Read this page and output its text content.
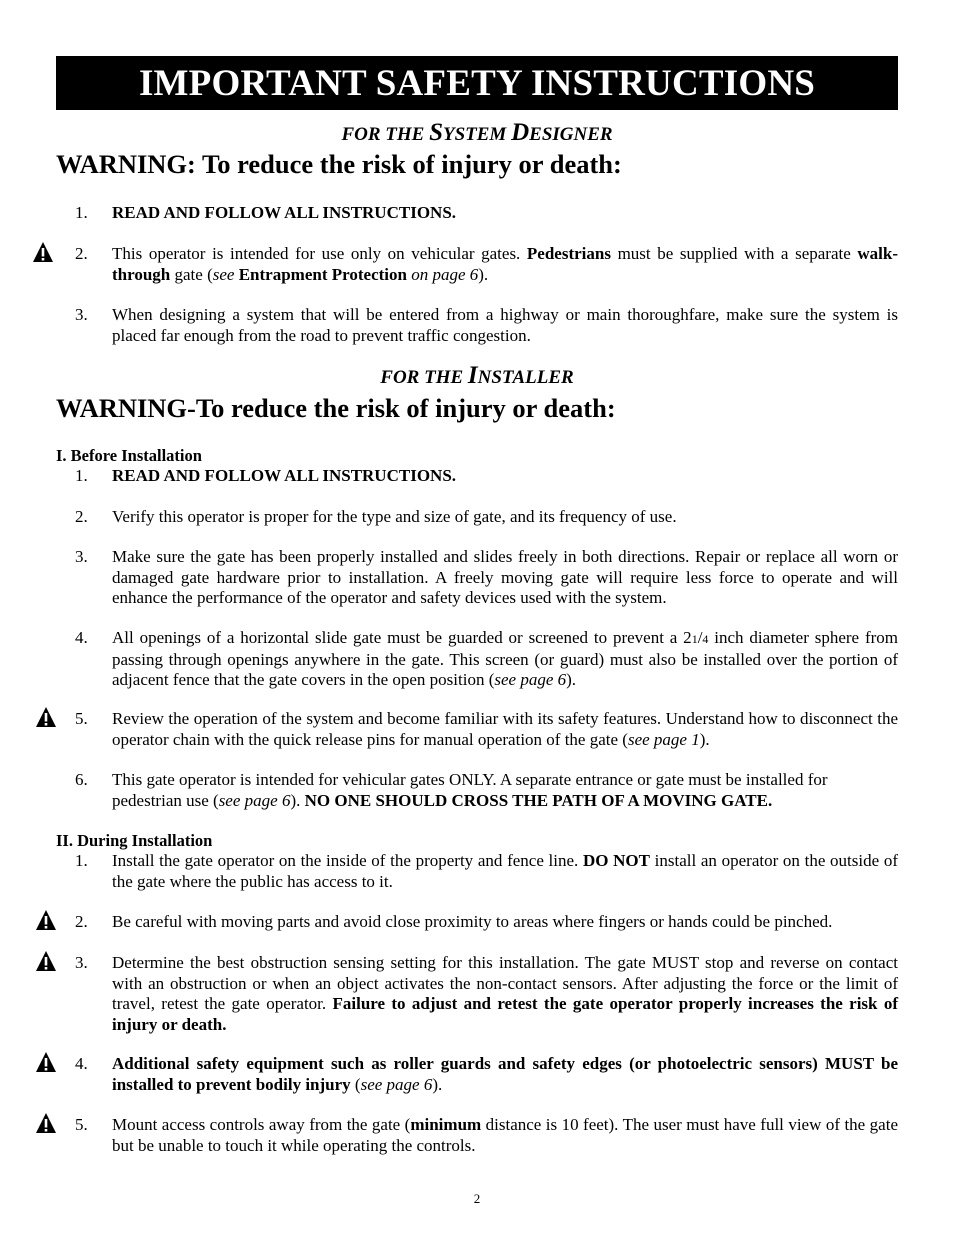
IMPORTANT SAFETY INSTRUCTIONS
FOR THE SYSTEM DESIGNER
WARNING: To reduce the risk of injury or death:
1. READ AND FOLLOW ALL INSTRUCTIONS.
2. This operator is intended for use only on vehicular gates. Pedestrians must be supplied with a separate walk-through gate (see Entrapment Protection on page 6).
3. When designing a system that will be entered from a highway or main thoroughfare, make sure the system is placed far enough from the road to prevent traffic congestion.
FOR THE INSTALLER
WARNING-To reduce the risk of injury or death:
I. Before Installation
1. READ AND FOLLOW ALL INSTRUCTIONS.
2. Verify this operator is proper for the type and size of gate, and its frequency of use.
3. Make sure the gate has been properly installed and slides freely in both directions. Repair or replace all worn or damaged gate hardware prior to installation. A freely moving gate will require less force to operate and will enhance the performance of the operator and safety devices used with the system.
4. All openings of a horizontal slide gate must be guarded or screened to prevent a 21/4 inch diameter sphere from passing through openings anywhere in the gate. This screen (or guard) must also be installed over the portion of adjacent fence that the gate covers in the open position (see page 6).
5. Review the operation of the system and become familiar with its safety features. Understand how to disconnect the operator chain with the quick release pins for manual operation of the gate (see page 1).
6. This gate operator is intended for vehicular gates ONLY. A separate entrance or gate must be installed for pedestrian use (see page 6). NO ONE SHOULD CROSS THE PATH OF A MOVING GATE.
II. During Installation
1. Install the gate operator on the inside of the property and fence line. DO NOT install an operator on the outside of the gate where the public has access to it.
2. Be careful with moving parts and avoid close proximity to areas where fingers or hands could be pinched.
3. Determine the best obstruction sensing setting for this installation. The gate MUST stop and reverse on contact with an obstruction or when an object activates the non-contact sensors. After adjusting the force or the limit of travel, retest the gate operator. Failure to adjust and retest the gate operator properly increases the risk of injury or death.
4. Additional safety equipment such as roller guards and safety edges (or photoelectric sensors) MUST be installed to prevent bodily injury (see page 6).
5. Mount access controls away from the gate (minimum distance is 10 feet). The user must have full view of the gate but be unable to touch it while operating the controls.
2
